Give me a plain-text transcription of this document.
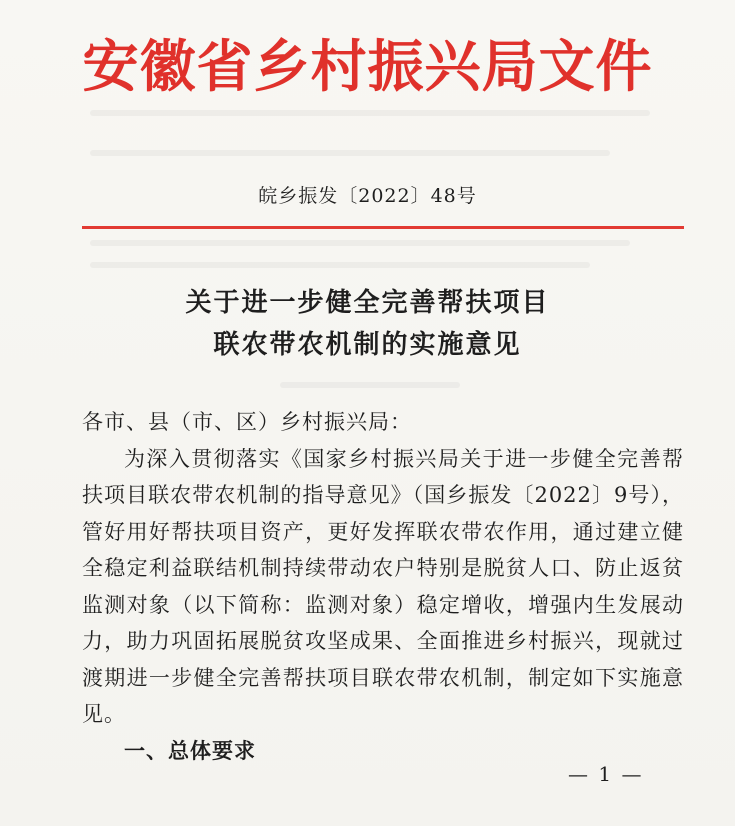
安徽省乡村振兴局文件
皖乡振发〔2022〕48号
关于进一步健全完善帮扶项目
联农带农机制的实施意见
各市、县（市、区）乡村振兴局：

为深入贯彻落实《国家乡村振兴局关于进一步健全完善帮扶项目联农带农机制的指导意见》（国乡振发〔2022〕9号），管好用好帮扶项目资产，更好发挥联农带农作用，通过建立健全稳定利益联结机制持续带动农户特别是脱贫人口、防止返贫监测对象（以下简称：监测对象）稳定增收，增强内生发展动力，助力巩固拓展脱贫攻坚成果、全面推进乡村振兴，现就过渡期进一步健全完善帮扶项目联农带农机制，制定如下实施意见。

一、总体要求
— 1 —
